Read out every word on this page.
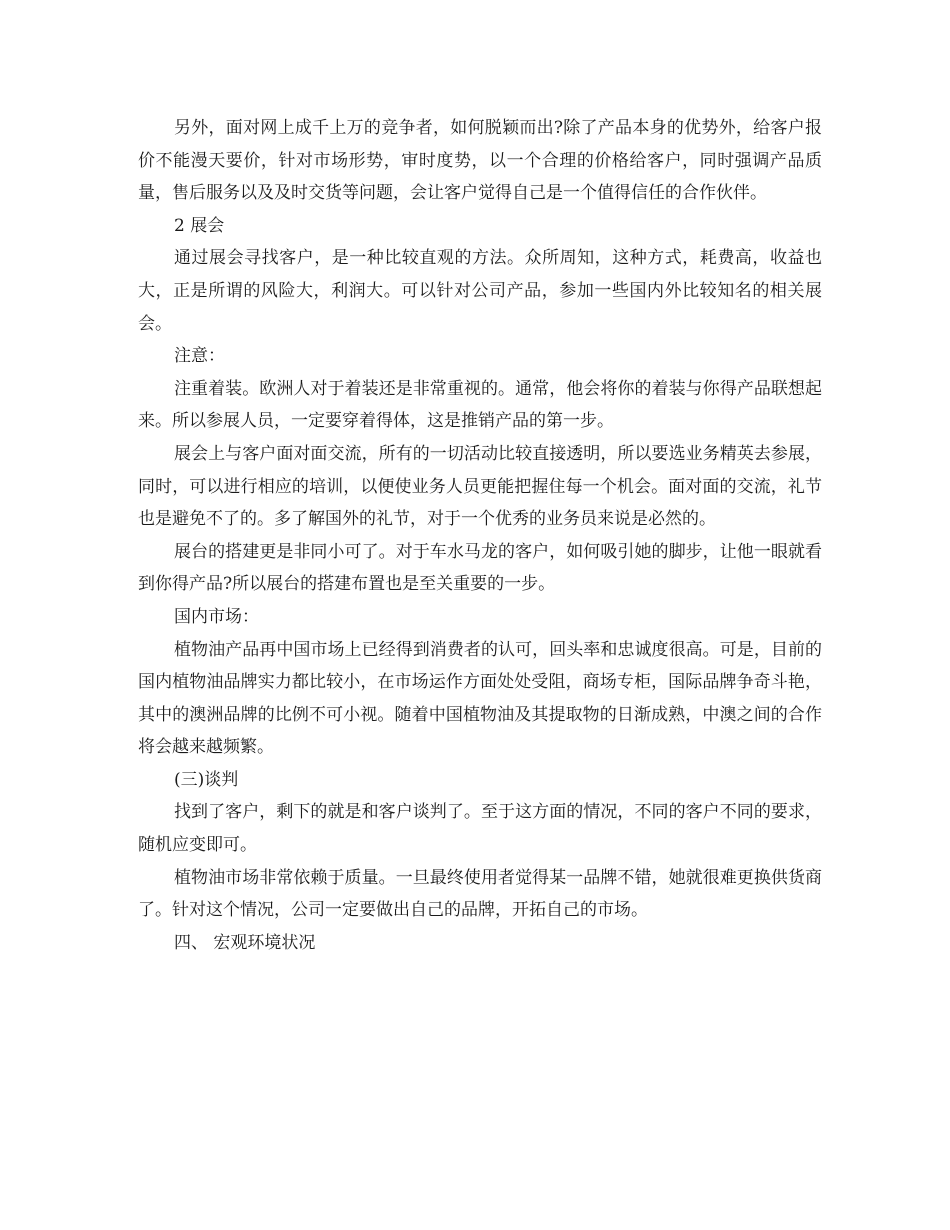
另外，面对网上成千上万的竞争者，如何脱颖而出?除了产品本身的优势外，给客户报价不能漫天要价，针对市场形势，审时度势，以一个合理的价格给客户，同时强调产品质量，售后服务以及及时交货等问题，会让客户觉得自己是一个值得信任的合作伙伴。

2 展会

通过展会寻找客户，是一种比较直观的方法。众所周知，这种方式，耗费高，收益也大，正是所谓的风险大，利润大。可以针对公司产品，参加一些国内外比较知名的相关展会。

注意：

注重着装。欧洲人对于着装还是非常重视的。通常，他会将你的着装与你得产品联想起来。所以参展人员，一定要穿着得体，这是推销产品的第一步。

展会上与客户面对面交流，所有的一切活动比较直接透明，所以要选业务精英去参展，同时，可以进行相应的培训，以便使业务人员更能把握住每一个机会。面对面的交流，礼节也是避免不了的。多了解国外的礼节，对于一个优秀的业务员来说是必然的。

展台的搭建更是非同小可了。对于车水马龙的客户，如何吸引她的脚步，让他一眼就看到你得产品?所以展台的搭建布置也是至关重要的一步。

国内市场：

植物油产品再中国市场上已经得到消费者的认可，回头率和忠诚度很高。可是，目前的国内植物油品牌实力都比较小，在市场运作方面处处受阻，商场专柜，国际品牌争奇斗艳，其中的澳洲品牌的比例不可小视。随着中国植物油及其提取物的日渐成熟，中澳之间的合作将会越来越频繁。

(三)谈判

找到了客户，剩下的就是和客户谈判了。至于这方面的情况，不同的客户不同的要求，随机应变即可。

植物油市场非常依赖于质量。一旦最终使用者觉得某一品牌不错，她就很难更换供货商了。针对这个情况，公司一定要做出自己的品牌，开拓自己的市场。

四、 宏观环境状况
